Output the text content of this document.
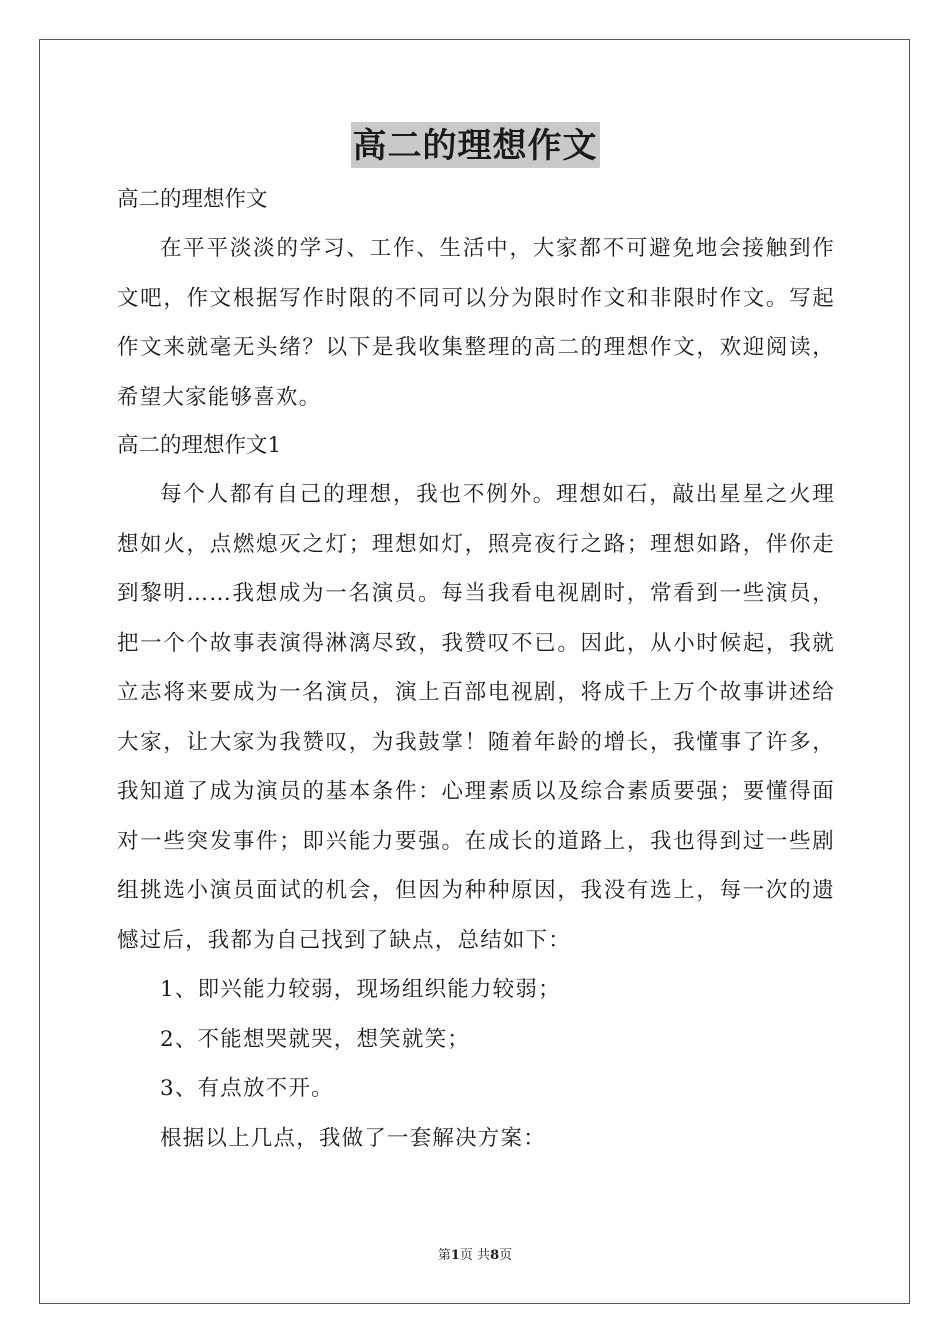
高二的理想作文

高二的理想作文

在平平淡淡的学习、工作、生活中，大家都不可避免地会接触到作文吧，作文根据写作时限的不同可以分为限时作文和非限时作文。写起作文来就毫无头绪？以下是我收集整理的高二的理想作文，欢迎阅读，希望大家能够喜欢。

高二的理想作文1

每个人都有自己的理想，我也不例外。理想如石，敲出星星之火理想如火，点燃熄灭之灯；理想如灯，照亮夜行之路；理想如路，伴你走到黎明……我想成为一名演员。每当我看电视剧时，常看到一些演员，把一个个故事表演得淋漓尽致，我赞叹不已。因此，从小时候起，我就立志将来要成为一名演员，演上百部电视剧，将成千上万个故事讲述给大家，让大家为我赞叹，为我鼓掌！随着年龄的增长，我懂事了许多，我知道了成为演员的基本条件：心理素质以及综合素质要强；要懂得面对一些突发事件；即兴能力要强。在成长的道路上，我也得到过一些剧组挑选小演员面试的机会，但因为种种原因，我没有选上，每一次的遗憾过后，我都为自己找到了缺点，总结如下：

1、即兴能力较弱，现场组织能力较弱；

2、不能想哭就哭，想笑就笑；

3、有点放不开。

根据以上几点，我做了一套解决方案：

第1页 共8页
